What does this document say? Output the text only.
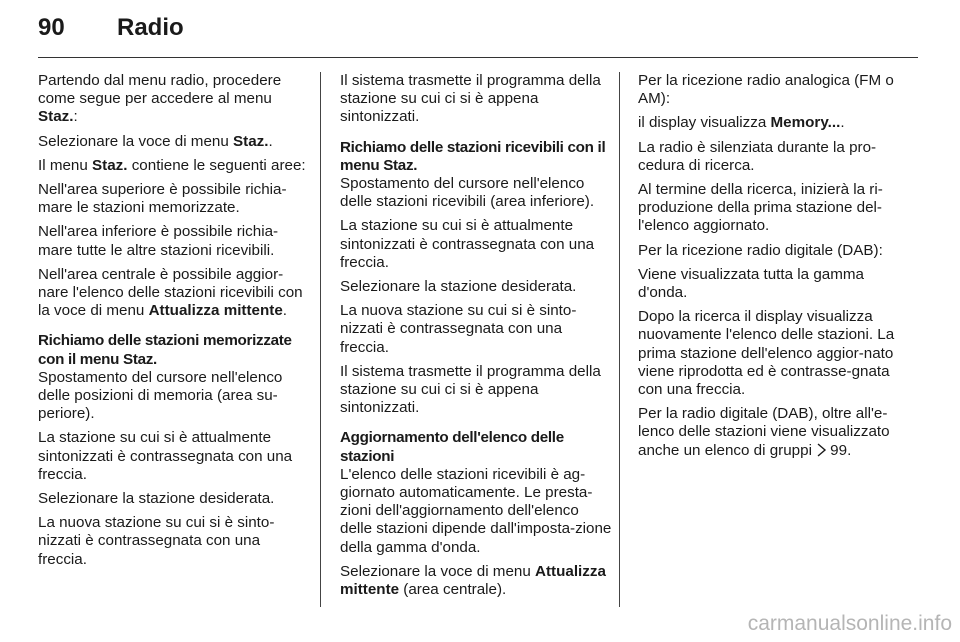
90 Radio

Partendo dal menu radio, procedere come segue per accedere al menu Staz.:

Selezionare la voce di menu Staz..

Il menu Staz. contiene le seguenti aree:

Nell'area superiore è possibile richia-mare le stazioni memorizzate.

Nell'area inferiore è possibile richia-mare tutte le altre stazioni ricevibili.

Nell'area centrale è possibile aggior-nare l'elenco delle stazioni ricevibili con la voce di menu Attualizza mittente.

Richiamo delle stazioni memorizzate con il menu Staz.

Spostamento del cursore nell'elenco delle posizioni di memoria (area su-periore).

La stazione su cui si è attualmente sintonizzati è contrassegnata con una freccia.

Selezionare la stazione desiderata.

La nuova stazione su cui si è sinto-nizzati è contrassegnata con una freccia.

Il sistema trasmette il programma della stazione su cui ci si è appena sintonizzati.

Richiamo delle stazioni ricevibili con il menu Staz.

Spostamento del cursore nell'elenco delle stazioni ricevibili (area inferiore).

La stazione su cui si è attualmente sintonizzati è contrassegnata con una freccia.

Selezionare la stazione desiderata.

La nuova stazione su cui si è sinto-nizzati è contrassegnata con una freccia.

Il sistema trasmette il programma della stazione su cui ci si è appena sintonizzati.

Aggiornamento dell'elenco delle stazioni

L'elenco delle stazioni ricevibili è ag-giornato automaticamente. Le presta-zioni dell'aggiornamento dell'elenco delle stazioni dipende dall'imposta-zione della gamma d'onda.

Selezionare la voce di menu Attualizza mittente (area centrale).

Per la ricezione radio analogica (FM o AM):

il display visualizza Memory....

La radio è silenziata durante la pro-cedura di ricerca.

Al termine della ricerca, inizierà la ri-produzione della prima stazione del-l'elenco aggiornato.

Per la ricezione radio digitale (DAB):

Viene visualizzata tutta la gamma d'onda.

Dopo la ricerca il display visualizza nuovamente l'elenco delle stazioni. La prima stazione dell'elenco aggior-nato viene riprodotta ed è contrasse-gnata con una freccia.

Per la radio digitale (DAB), oltre all'e-lenco delle stazioni viene visualizzato anche un elenco di gruppi 99.

carmanualsonline.info
